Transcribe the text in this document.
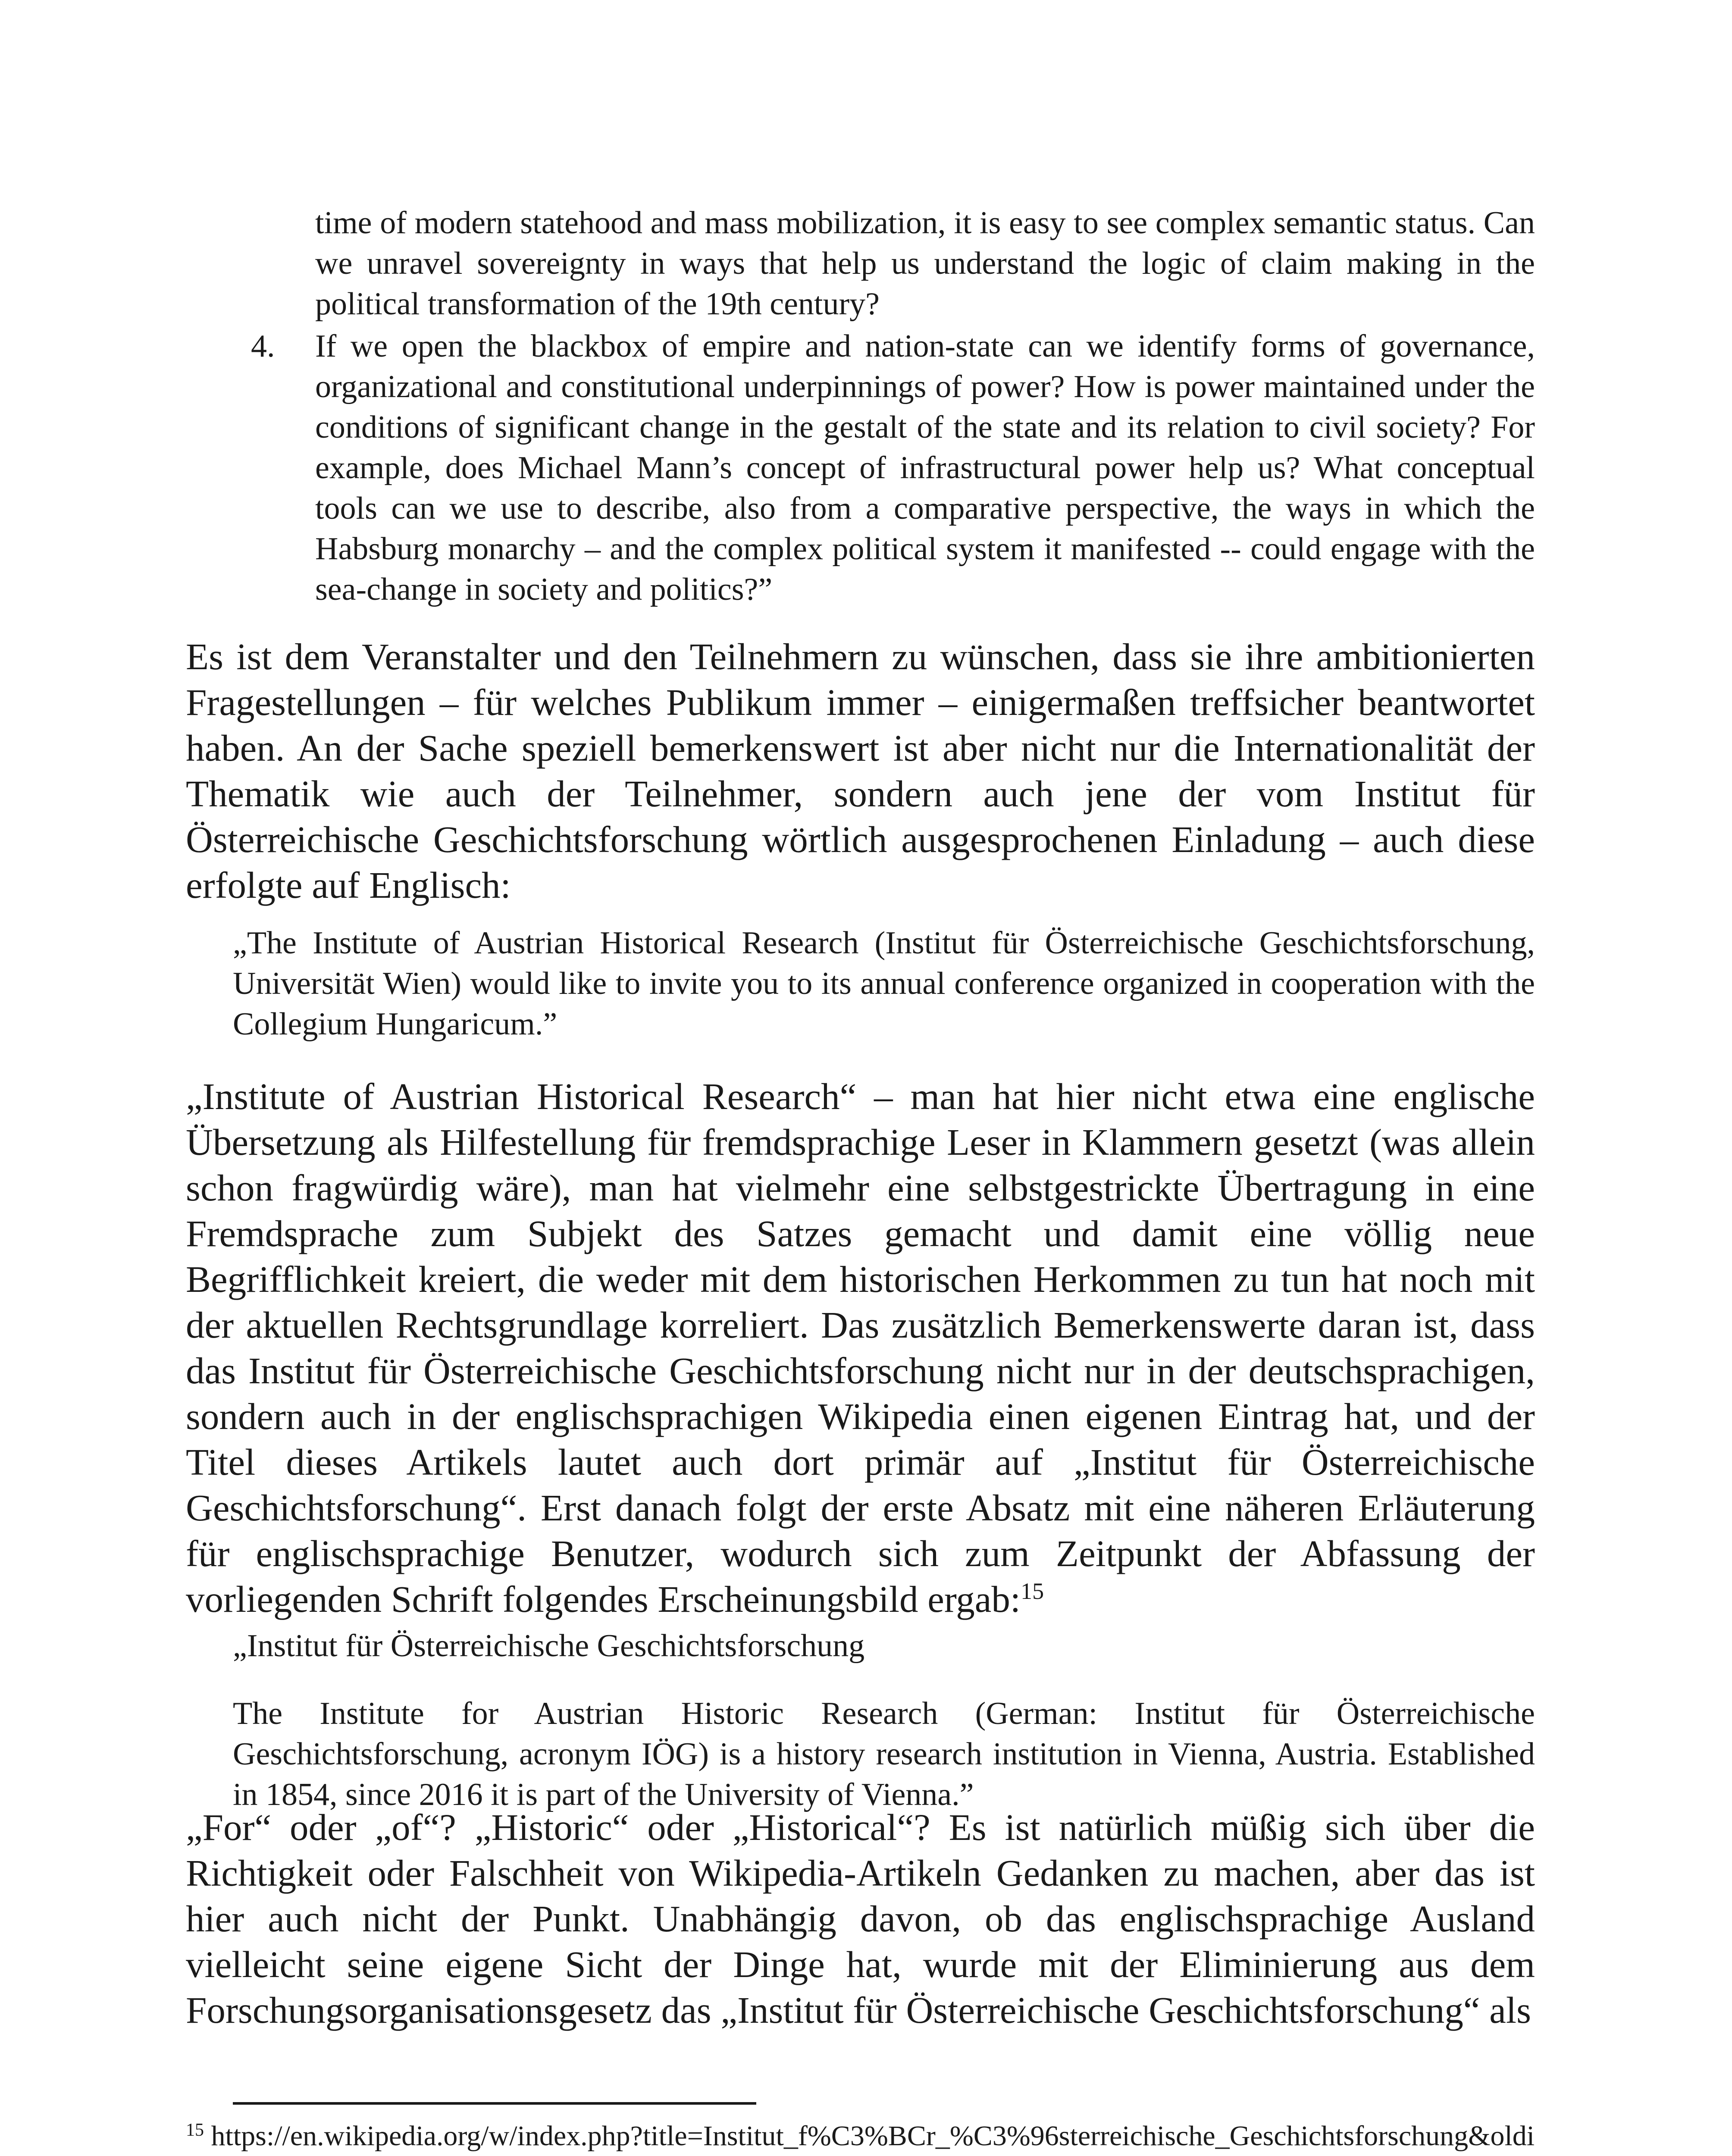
time of modern statehood and mass mobilization, it is easy to see complex semantic status. Can we unravel sovereignty in ways that help us understand the logic of claim making in the political transformation of the 19th century?

4.	If we open the blackbox of empire and nation-state can we identify forms of governance, organizational and constitutional underpinnings of power? How is power maintained under the conditions of significant change in the gestalt of the state and its relation to civil society? For example, does Michael Mann’s concept of infrastructural power help us? What conceptual tools can we use to describe, also from a comparative perspective, the ways in which the Habsburg monarchy – and the complex political system it manifested -- could engage with the sea-change in society and politics?”

Es ist dem Veranstalter und den Teilnehmern zu wünschen, dass sie ihre ambitionierten Fragestellungen – für welches Publikum immer – einigermaßen treffsicher beantwortet haben. An der Sache speziell bemerkenswert ist aber nicht nur die Internationalität der Thematik wie auch der Teilnehmer, sondern auch jene der vom Institut für Österreichische Geschichtsforschung wörtlich ausgesprochenen Einladung – auch diese erfolgte auf Englisch:

„The Institute of Austrian Historical Research (Institut für Österreichische Geschichtsforschung, Universität Wien) would like to invite you to its annual conference organized in cooperation with the Collegium Hungaricum.”

„Institute of Austrian Historical Research“ – man hat hier nicht etwa eine englische Übersetzung als Hilfestellung für fremdsprachige Leser in Klammern gesetzt (was allein schon fragwürdig wäre), man hat vielmehr eine selbstgestrickte Übertragung in eine Fremdsprache zum Subjekt des Satzes gemacht und damit eine völlig neue Begrifflichkeit kreiert, die weder mit dem historischen Herkommen zu tun hat noch mit der aktuellen Rechtsgrundlage korreliert. Das zusätzlich Bemerkenswerte daran ist, dass das Institut für Österreichische Geschichtsforschung nicht nur in der deutschsprachigen, sondern auch in der englischsprachigen Wikipedia einen eigenen Eintrag hat, und der Titel dieses Artikels lautet auch dort primär auf „Institut für Österreichische Geschichtsforschung“. Erst danach folgt der erste Absatz mit eine näheren Erläuterung für englischsprachige Benutzer, wodurch sich zum Zeitpunkt der Abfassung der vorliegenden Schrift folgendes Erscheinungsbild ergab:$^{15}$

„Institut für Österreichische Geschichtsforschung

The Institute for Austrian Historic Research (German: Institut für Österreichische Geschichtsforschung, acronym IÖG) is a history research institution in Vienna, Austria. Established in 1854, since 2016 it is part of the University of Vienna.”

„For“ oder „of“? „Historic“ oder „Historical“? Es ist natürlich müßig sich über die Richtigkeit oder Falschheit von Wikipedia-Artikeln Gedanken zu machen, aber das ist hier auch nicht der Punkt. Unabhängig davon, ob das englischsprachige Ausland vielleicht seine eigene Sicht der Dinge hat, wurde mit der Eliminierung aus dem Forschungsorganisationsgesetz das „Institut für Österreichische Geschichtsforschung“ als

$^{15}$ https://en.wikipedia.org/w/index.php?title=Institut_f%C3%BCr_%C3%96sterreichische_Geschichtsforschung&oldi
